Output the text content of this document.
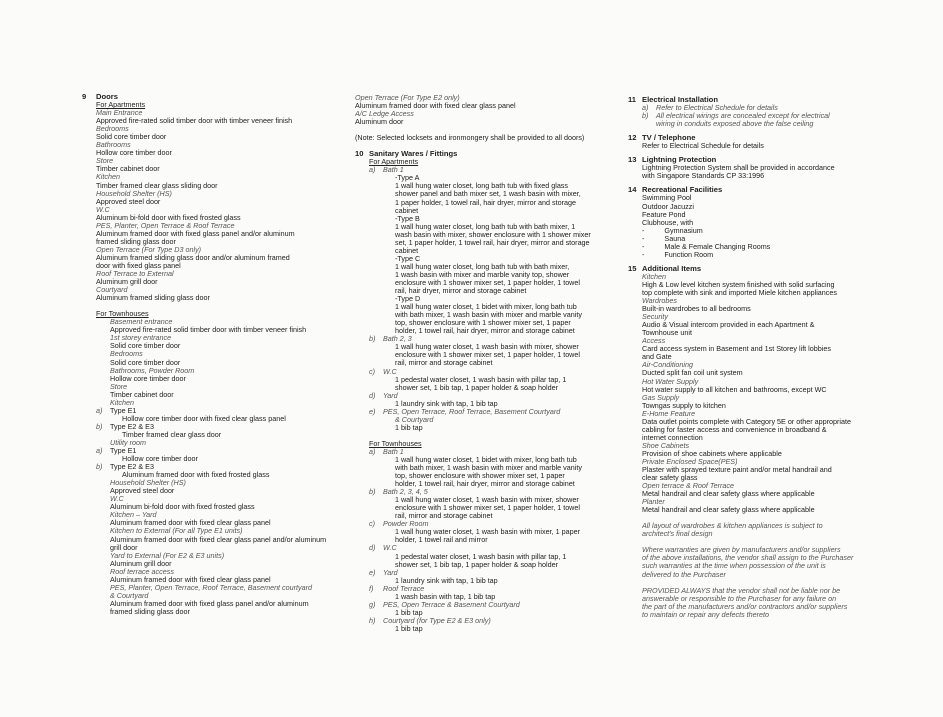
9	Doors
For Apartments
Main Entrance
Approved fire-rated solid timber door with timber veneer finish
Bedrooms
Solid core timber door
Bathrooms
Hollow core timber door
Store
Timber cabinet door
Kitchen
Timber framed clear glass sliding door
Household Shelter (HS)
Approved steel door
W.C
Aluminum bi-fold door with fixed frosted glass
PES, Planter, Open Terrace & Roof Terrace
Aluminum framed door with fixed glass panel and/or aluminum
framed sliding glass door
Open Terrace (For Type D3 only)
Aluminum framed sliding glass door and/or aluminum framed
door with fixed glass panel
Roof Terrace to External
Aluminum grill door
Courtyard
Aluminum framed sliding glass door
For Townhouses
Basement entrance
Approved fire-rated solid timber door with timber veneer finish
1st storey entrance
Solid core timber door
Bedrooms
Solid core timber door
Bathrooms, Powder Room
Hollow core timber door
Store
Timber cabinet door
Kitchen
a)	Type E1
Hollow core timber door with fixed clear glass panel
b)	Type E2 & E3
Timber framed clear glass door
Utility room
a)	Type E1
Hollow core timber door
b)	Type E2 & E3
Aluminum framed door with fixed frosted glass
Household Shelter (HS)
Approved steel door
W.C
Aluminum bi-fold door with fixed frosted glass
Kitchen – Yard
Aluminum framed door with fixed clear glass panel
Kitchen to External (For all Type E1 units)
Aluminum framed door with fixed clear glass panel and/or aluminum
grill door
Yard to External (For E2 & E3 units)
Aluminum grill door
Roof terrace access
Aluminum framed door with fixed clear glass panel
PES, Planter, Open Terrace, Roof Terrace, Basement courtyard
& Courtyard
Aluminum framed door with fixed glass panel and/or aluminum
framed sliding glass door
Open Terrace (For Type E2 only)
Aluminum framed door with fixed clear glass panel
A/C Ledge Access
Aluminum door
(Note: Selected locksets and ironmongery shall be provided to all doors)
10 Sanitary Wares / Fittings
For Apartments
a)	Bath 1
-Type A
1 wall hung water closet, long bath tub with fixed glass
shower panel and bath mixer set, 1 wash basin with mixer,
1 paper holder, 1 towel rail, hair dryer, mirror and storage
cabinet
-Type B
1 wall hung water closet, long bath tub with bath mixer, 1
wash basin with mixer, shower enclosure with 1 shower mixer
set, 1 paper holder, 1 towel rail, hair dryer, mirror and storage
cabinet
-Type C
1 wall hung water closet, long bath tub with bath mixer,
1 wash basin with mixer and marble vanity top, shower
enclosure with 1 shower mixer set, 1 paper holder, 1 towel
rail, hair dryer, mirror and storage cabinet
-Type D
1 wall hung water closet, 1 bidet with mixer, long bath tub
with bath mixer, 1 wash basin with mixer and marble vanity
top, shower enclosure with 1 shower mixer set, 1 paper
holder, 1 towel rail, hair dryer, mirror and storage cabinet
b)	Bath 2, 3
1 wall hung water closet, 1 wash basin with mixer, shower
enclosure with 1 shower mixer set, 1 paper holder, 1 towel
rail, mirror and storage cabinet
c)	W.C
1 pedestal water closet, 1 wash basin with pillar tap, 1
shower set, 1 bib tap, 1 paper holder & soap holder
d)	Yard
1 laundry sink with tap, 1 bib tap
e)	PES, Open Terrace, Roof Terrace, Basement Courtyard
& Courtyard
1 bib tap
For Townhouses
a)	Bath 1
1 wall hung water closet, 1 bidet with mixer, long bath tub
with bath mixer, 1 wash basin with mixer and marble vanity
top, shower enclosure with shower mixer set, 1 paper
holder, 1 towel rail, hair dryer, mirror and storage cabinet
b)	Bath 2, 3, 4, 5
1 wall hung water closet, 1 wash basin with mixer, shower
enclosure with 1 shower mixer set, 1 paper holder, 1 towel
rail, mirror and storage cabinet
c)	Powder Room
1 wall hung water closet, 1 wash basin with mixer, 1 paper
holder, 1 towel rail and mirror
d)	W.C
1 pedestal water closet, 1 wash basin with pillar tap, 1
shower set, 1 bib tap, 1 paper holder & soap holder
e)	Yard
1 laundry sink with tap, 1 bib tap
f)	Roof Terrace
1 wash basin with tap, 1 bib tap
g)	PES, Open Terrace & Basement Courtyard
1 bib tap
h)	Courtyard (for Type E2 & E3 only)
1 bib tap
11 Electrical Installation
a)	Refer to Electrical Schedule for details
b)	All electrical wirings are concealed except for electrical
wiring in conduits exposed above the false ceiling
12 TV / Telephone
Refer to Electrical Schedule for details
13 Lightning Protection
Lightning Protection System shall be provided in accordance
with Singapore Standards CP 33:1996
14 Recreational Facilities
Swimming Pool
Outdoor Jacuzzi
Feature Pond
Clubhouse, with
-	Gymnasium
-	Sauna
-	Male & Female Changing Rooms
-	Function Room
15 Additional Items
Kitchen
High & Low level kitchen system finished with solid surfacing
top complete with sink and imported Miele kitchen appliances
Wardrobes
Built-in wardrobes to all bedrooms
Security
Audio & Visual intercom provided in each Apartment &
Townhouse unit
Access
Card access system in Basement and 1st Storey lift lobbies
and Gate
Air-Conditioning
Ducted split fan coil unit system
Hot Water Supply
Hot water supply to all kitchen and bathrooms, except WC
Gas Supply
Towngas supply to kitchen
E-Home Feature
Data outlet points complete with Category 5E or other appropriate
cabling for faster access and convenience in broadband &
internet connection
Shoe Cabinets
Provision of shoe cabinets where applicable
Private Enclosed Space(PES)
Plaster with sprayed texture paint and/or metal handrail and
clear safety glass
Open terrace & Roof Terrace
Metal handrail and clear safety glass where applicable
Planter
Metal handrail and clear safety glass where applicable
All layout of wardrobes & kitchen appliances is subject to
architect's final design
Where warranties are given by manufacturers and/or suppliers
of the above installations, the vendor shall assign to the Purchaser
such warranties at the time when possession of the unit is
delivered to the Purchaser
PROVIDED ALWAYS that the vendor shall not be liable nor be
answerable or responsible to the Purchaser for any failure on
the part of the manufacturers and/or contractors and/or suppliers
to maintain or repair any defects thereto
